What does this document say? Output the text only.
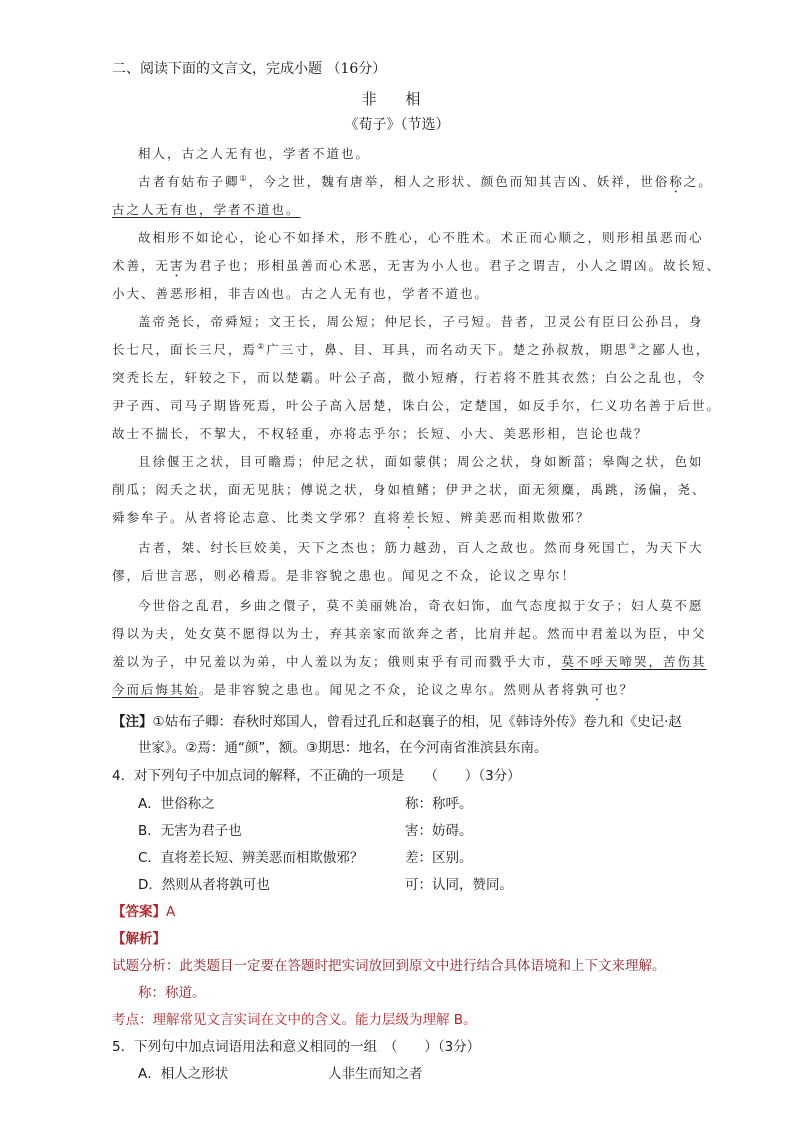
二、阅读下面的文言文，完成小题 （16分）
非 相
《荀子》（节选）
相人，古之人无有也，学者不道也。
古者有姑布子卿①，今之世，魏有唐举，相人之形状、颜色而知其吉凶、妖祥，世俗称之。
古之人无有也，学者不道也。
故相形不如论心，论心不如择术，形不胜心，心不胜术。术正而心顺之，则形相虽恶而心
术善，无害为君子也；形相虽善而心术恶，无害为小人也。君子之谓吉，小人之谓凶。故长短、
小大、善恶形相，非吉凶也。古之人无有也，学者不道也。
盖帝尧长，帝舜短；文王长，周公短；仲尼长，子弓短。昔者，卫灵公有臣曰公孙吕，身
长七尺，面长三尺，焉②广三寸，鼻、目、耳具，而名动天下。楚之孙叔敖，期思③之鄙人也，
突秃长左，轩较之下，而以楚霸。叶公子高，微小短瘠，行若将不胜其衣然；白公之乱也，令
尹子西、司马子期皆死焉，叶公子高入居楚，诛白公，定楚国，如反手尔，仁义功名善于后世。
故士不揣长，不挈大，不权轻重，亦将志乎尔；长短、小大、美恶形相，岂论也哉？
且徐偃王之状，目可瞻焉；仲尼之状，面如蒙倛；周公之状，身如断菑；皋陶之状，色如
削瓜；闳夭之状，面无见肤；傅说之状，身如植鳍；伊尹之状，面无须麋，禹跳，汤偏，尧、
舜参牟子。从者将论志意、比类文学邪？直将差长短、辨美恶而相欺傲邪？
古者，桀、纣长巨姣美，天下之杰也；筋力越劲，百人之敌也。然而身死国亡，为天下大
僇，后世言恶，则必稽焉。是非容貌之患也。闻见之不众，论议之卑尔！
今世俗之乱君，乡曲之儇子，莫不美丽姚冶，奇衣妇饰，血气态度拟于女子；妇人莫不愿
得以为夫，处女莫不愿得以为士，弃其亲家而欲奔之者，比肩并起。然而中君羞以为臣，中父
羞以为子，中兄羞以为弟，中人羞以为友；俄则束乎有司而戮乎大市，莫不呼天啼哭，苦伤其
今而后悔其始。是非容貌之患也。闻见之不众，论议之卑尔。然则从者将孰可也？
【注】①姑布子卿：春秋时郑国人，曾看过孔丘和赵襄子的相，见《韩诗外传》卷九和《史记·赵
世家》。②焉：通“颜”，额。③期思：地名，在今河南省淮滨县东南。
4．对下列句子中加点词的解释，不正确的一项是　　（　　）（3分）
A．世俗称之	称：称呼。
B．无害为君子也	害：妨碍。
C．直将差长短、辨美恶而相欺傲邪？	差：区别。
D．然则从者将孰可也	可：认同，赞同。
【答案】A
【解析】
试题分析：此类题目一定要在答题时把实词放回到原文中进行结合具体语境和上下文来理解。
称：称道。
考点：理解常见文言实词在文中的含义。能力层级为理解 B。
5．下列句中加点词语用法和意义相同的一组　（　　）（3分）
A．相人之形状	人非生而知之者
